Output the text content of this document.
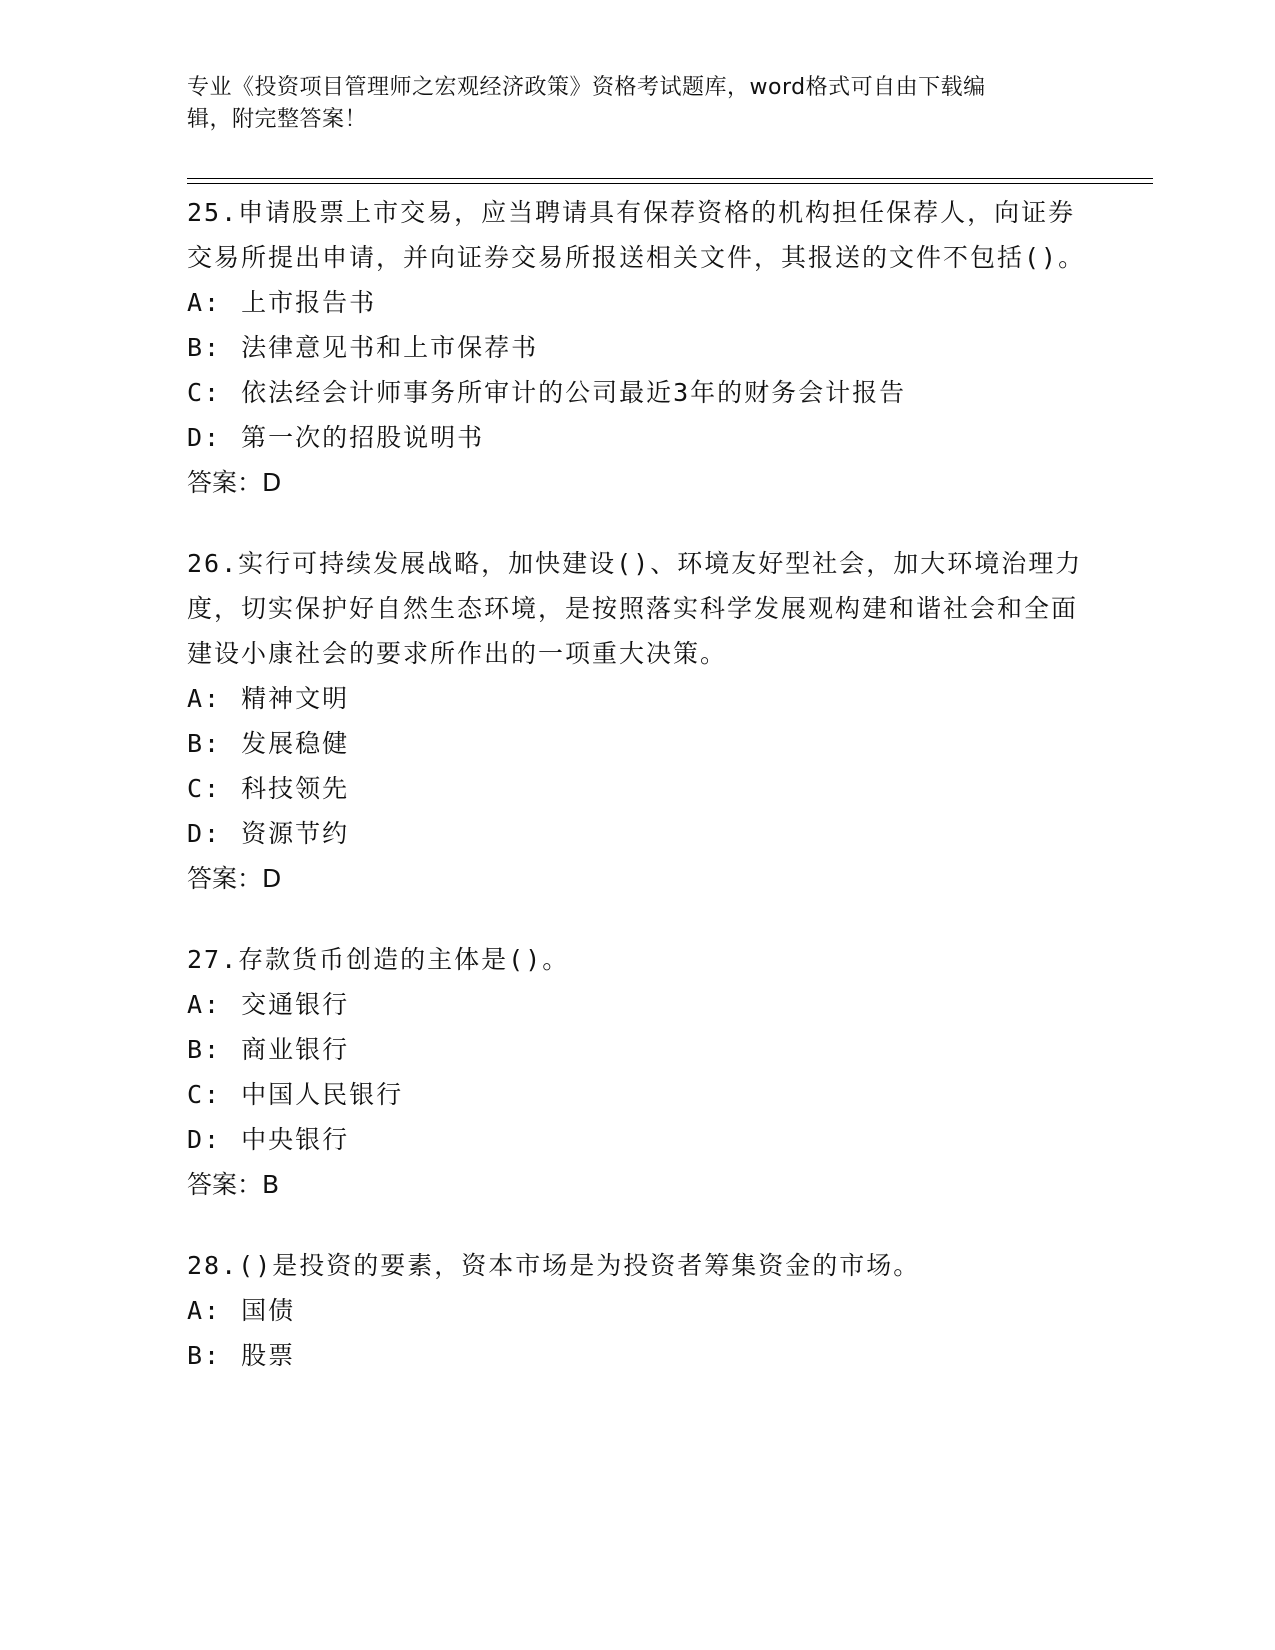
专业《投资项目管理师之宏观经济政策》资格考试题库，word格式可自由下载编
辑，附完整答案！

25.申请股票上市交易，应当聘请具有保荐资格的机构担任保荐人，向证券交易所提出申请，并向证券交易所报送相关文件，其报送的文件不包括()。

A: 上市报告书
B: 法律意见书和上市保荐书
C: 依法经会计师事务所审计的公司最近3年的财务会计报告
D: 第一次的招股说明书

答案：D

26.实行可持续发展战略，加快建设()、环境友好型社会，加大环境治理力度，切实保护好自然生态环境，是按照落实科学发展观构建和谐社会和全面建设小康社会的要求所作出的一项重大决策。

A: 精神文明
B: 发展稳健
C: 科技领先
D: 资源节约

答案：D

27.存款货币创造的主体是()。

A: 交通银行
B: 商业银行
C: 中国人民银行
D: 中央银行

答案：B

28.()是投资的要素，资本市场是为投资者筹集资金的市场。

A: 国债
B: 股票
